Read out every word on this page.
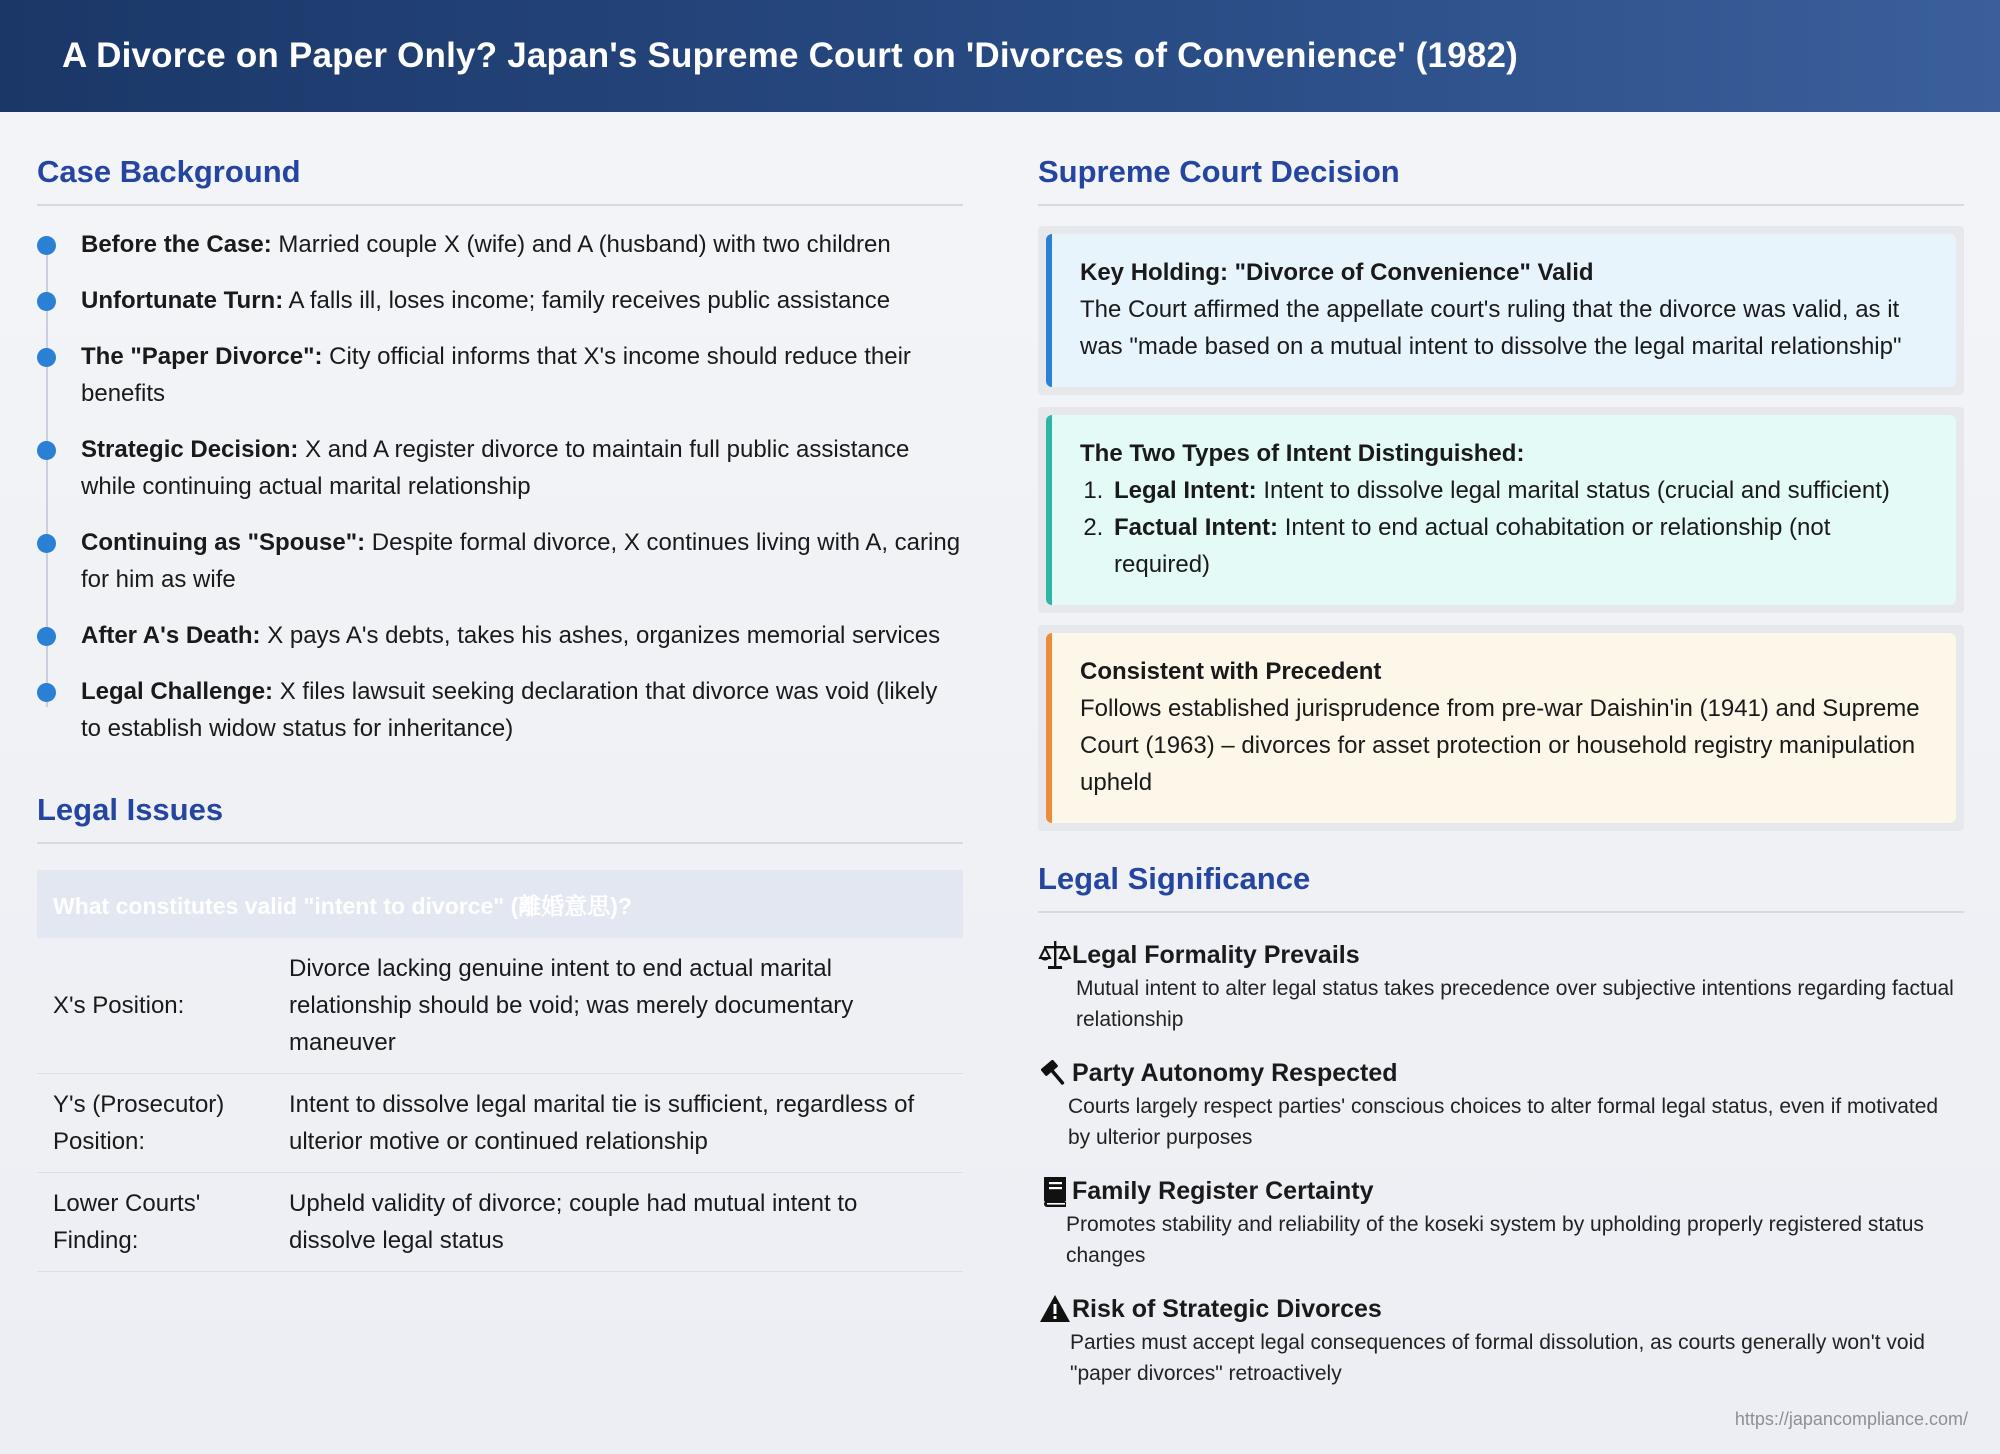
A Divorce on Paper Only? Japan's Supreme Court on 'Divorces of Convenience' (1982)
Case Background
Before the Case: Married couple X (wife) and A (husband) with two children
Unfortunate Turn: A falls ill, loses income; family receives public assistance
The "Paper Divorce": City official informs that X's income should reduce their benefits
Strategic Decision: X and A register divorce to maintain full public assistance while continuing actual marital relationship
Continuing as "Spouse": Despite formal divorce, X continues living with A, caring for him as wife
After A's Death: X pays A's debts, takes his ashes, organizes memorial services
Legal Challenge: X files lawsuit seeking declaration that divorce was void (likely to establish widow status for inheritance)
Legal Issues
What constitutes valid "intent to divorce" (離婚意思)?
X's Position:
Divorce lacking genuine intent to end actual marital relationship should be void; was merely documentary maneuver
Y's (Prosecutor) Position:
Intent to dissolve legal marital tie is sufficient, regardless of ulterior motive or continued relationship
Lower Courts' Finding:
Upheld validity of divorce; couple had mutual intent to dissolve legal status
Supreme Court Decision
Key Holding: "Divorce of Convenience" Valid
The Court affirmed the appellate court's ruling that the divorce was valid, as it was "made based on a mutual intent to dissolve the legal marital relationship"
The Two Types of Intent Distinguished:
1. Legal Intent: Intent to dissolve legal marital status (crucial and sufficient)
2. Factual Intent: Intent to end actual cohabitation or relationship (not required)
Consistent with Precedent
Follows established jurisprudence from pre-war Daishin'in (1941) and Supreme Court (1963) – divorces for asset protection or household registry manipulation upheld
Legal Significance
Legal Formality Prevails
Mutual intent to alter legal status takes precedence over subjective intentions regarding factual relationship
Party Autonomy Respected
Courts largely respect parties' conscious choices to alter formal legal status, even if motivated by ulterior purposes
Family Register Certainty
Promotes stability and reliability of the koseki system by upholding properly registered status changes
Risk of Strategic Divorces
Parties must accept legal consequences of formal dissolution, as courts generally won't void "paper divorces" retroactively
https://japancompliance.com/
